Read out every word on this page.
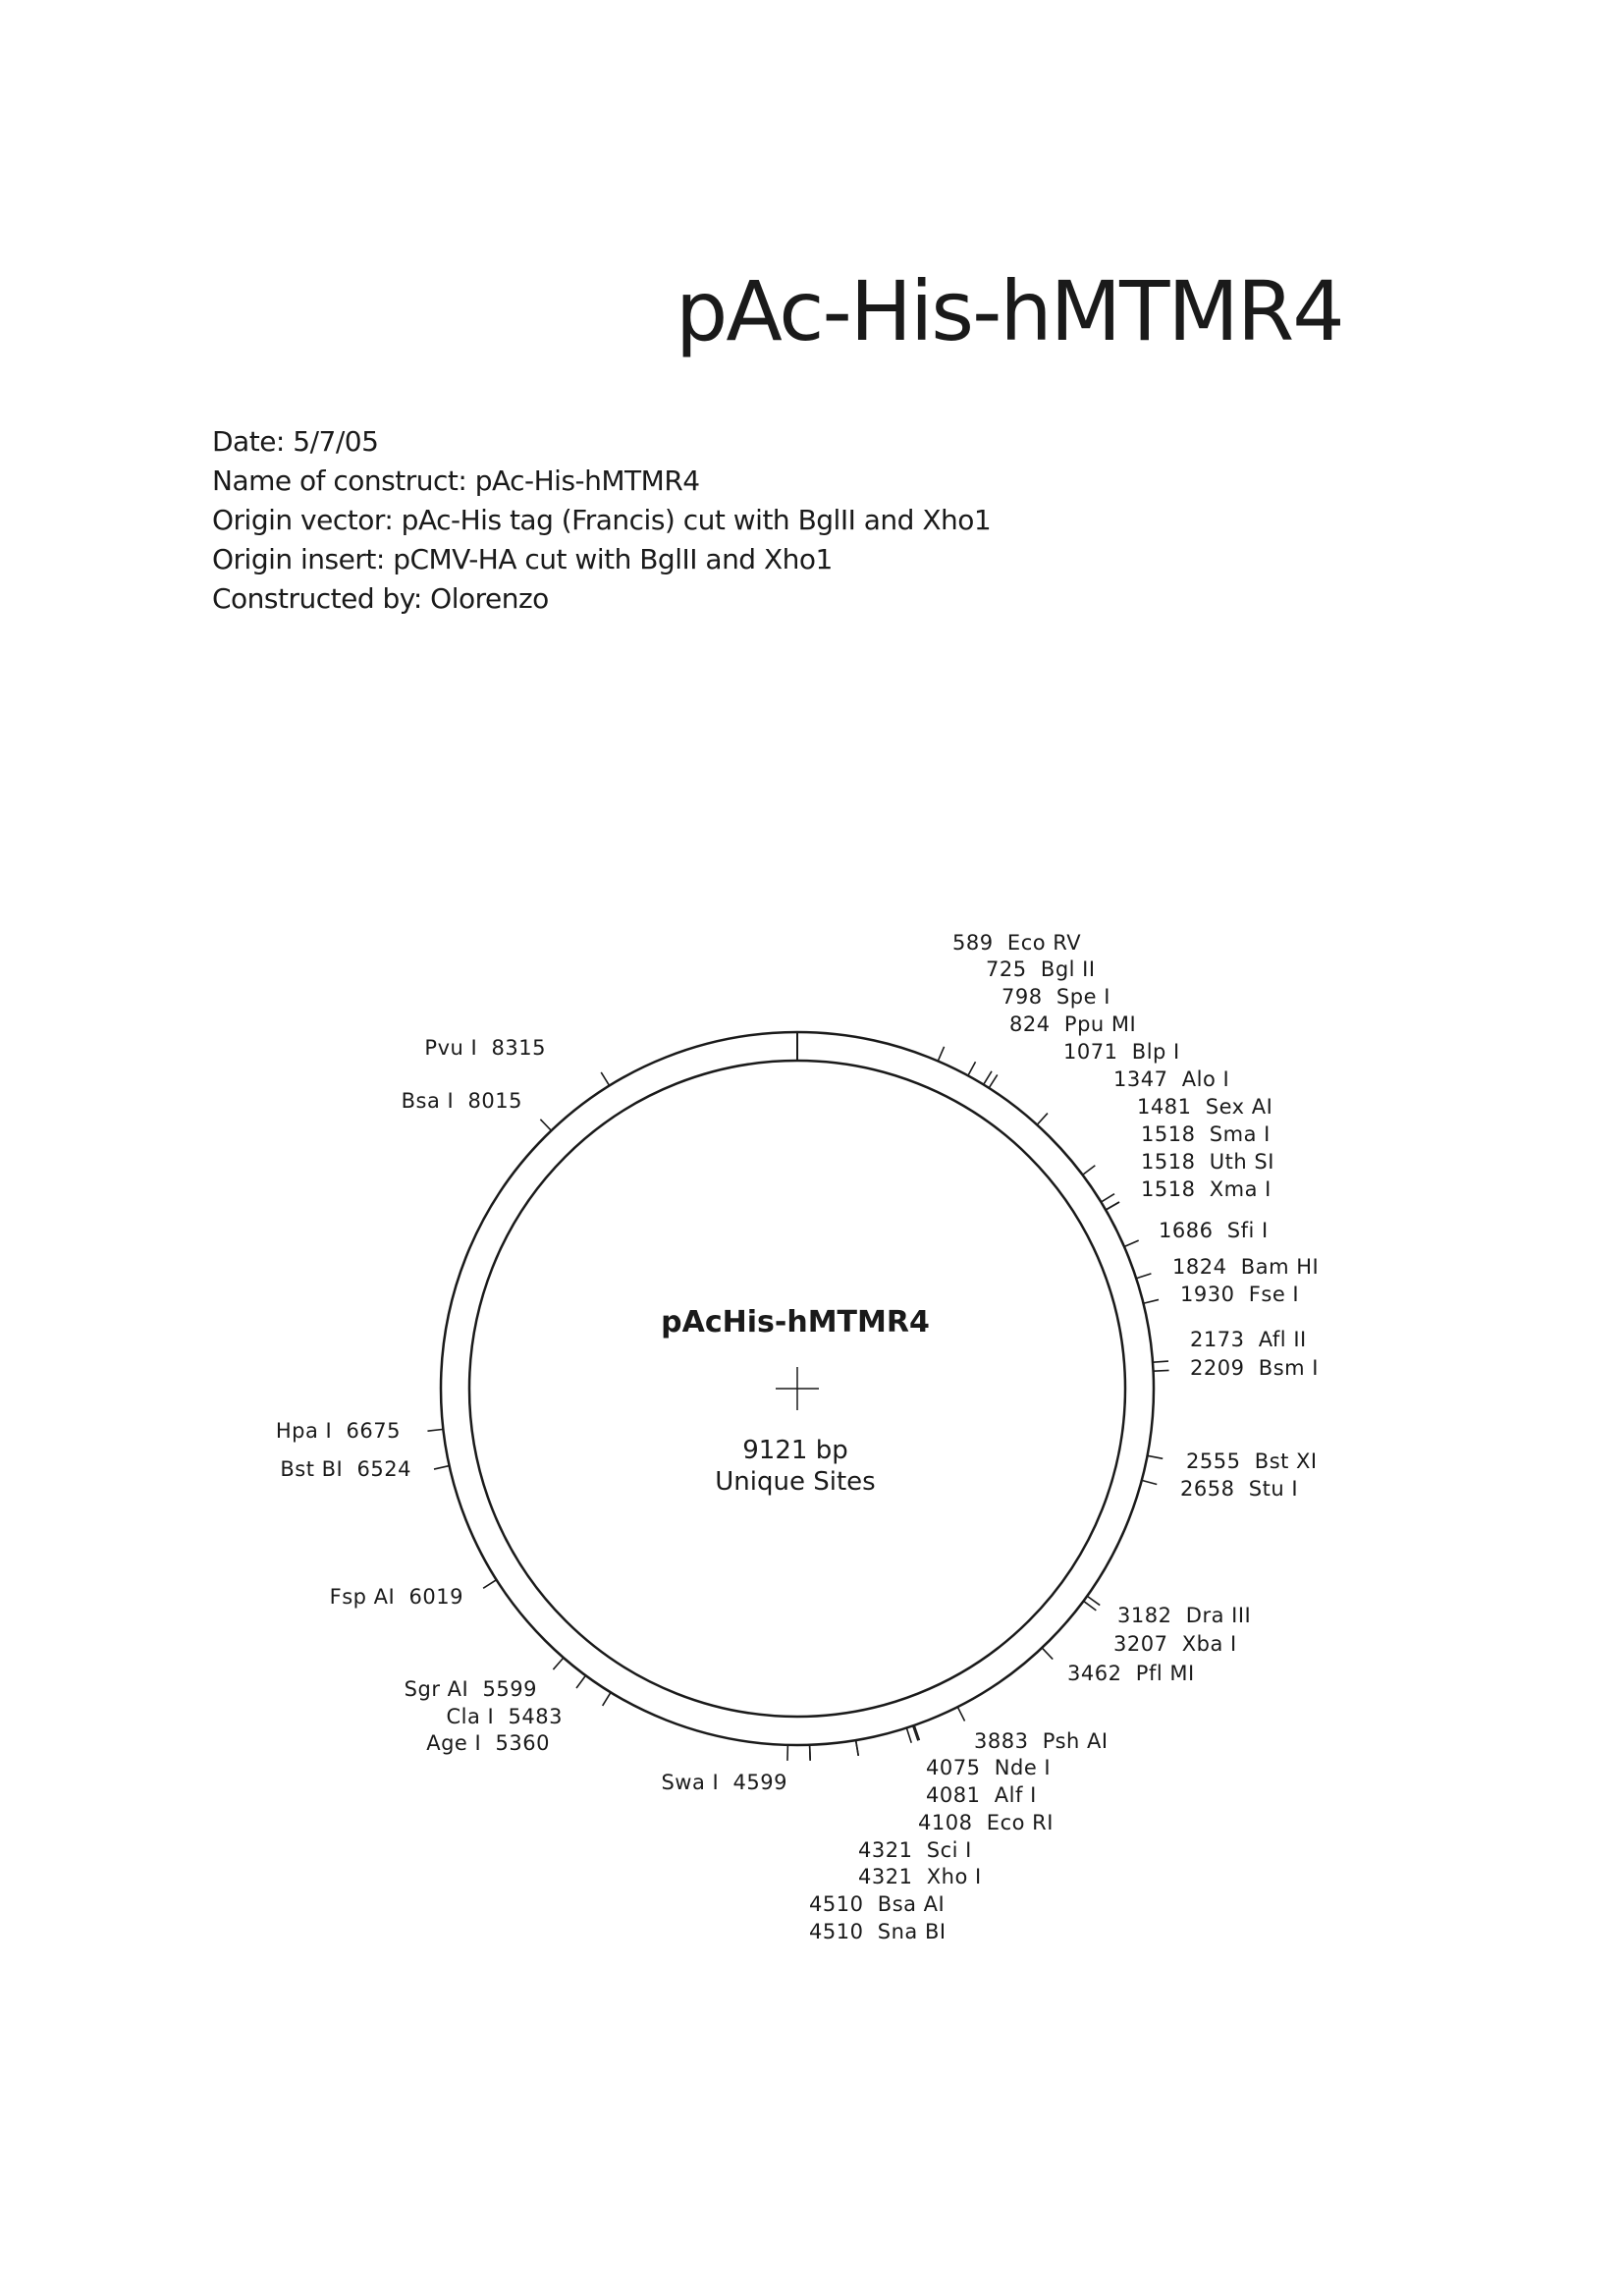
pAc-His-hMTMR4
Date: 5/7/05
Name of construct: pAc-His-hMTMR4
Origin vector: pAc-His tag (Francis) cut with BglII and Xho1
Origin insert: pCMV-HA cut with BglII and Xho1
Constructed by: Olorenzo
pAcHis-hMTMR4
9121 bp
Unique Sites
589  Eco RV
725  Bgl II
798  Spe I
824  Ppu MI
1071  Blp I
1347  Alo I
1481  Sex AI
1518  Sma I
1518  Uth SI
1518  Xma I
1686  Sfi I
1824  Bam HI
1930  Fse I
2173  Afl II
2209  Bsm I
2555  Bst XI
2658  Stu I
3182  Dra III
3207  Xba I
3462  Pfl MI
3883  Psh AI
4075  Nde I
4081  Alf I
4108  Eco RI
4321  Sci I
4321  Xho I
4510  Bsa AI
4510  Sna BI
Swa I  4599
Age I  5360
Cla I  5483
Sgr AI  5599
Fsp AI  6019
Bst BI  6524
Hpa I  6675
Bsa I  8015
Pvu I  8315
